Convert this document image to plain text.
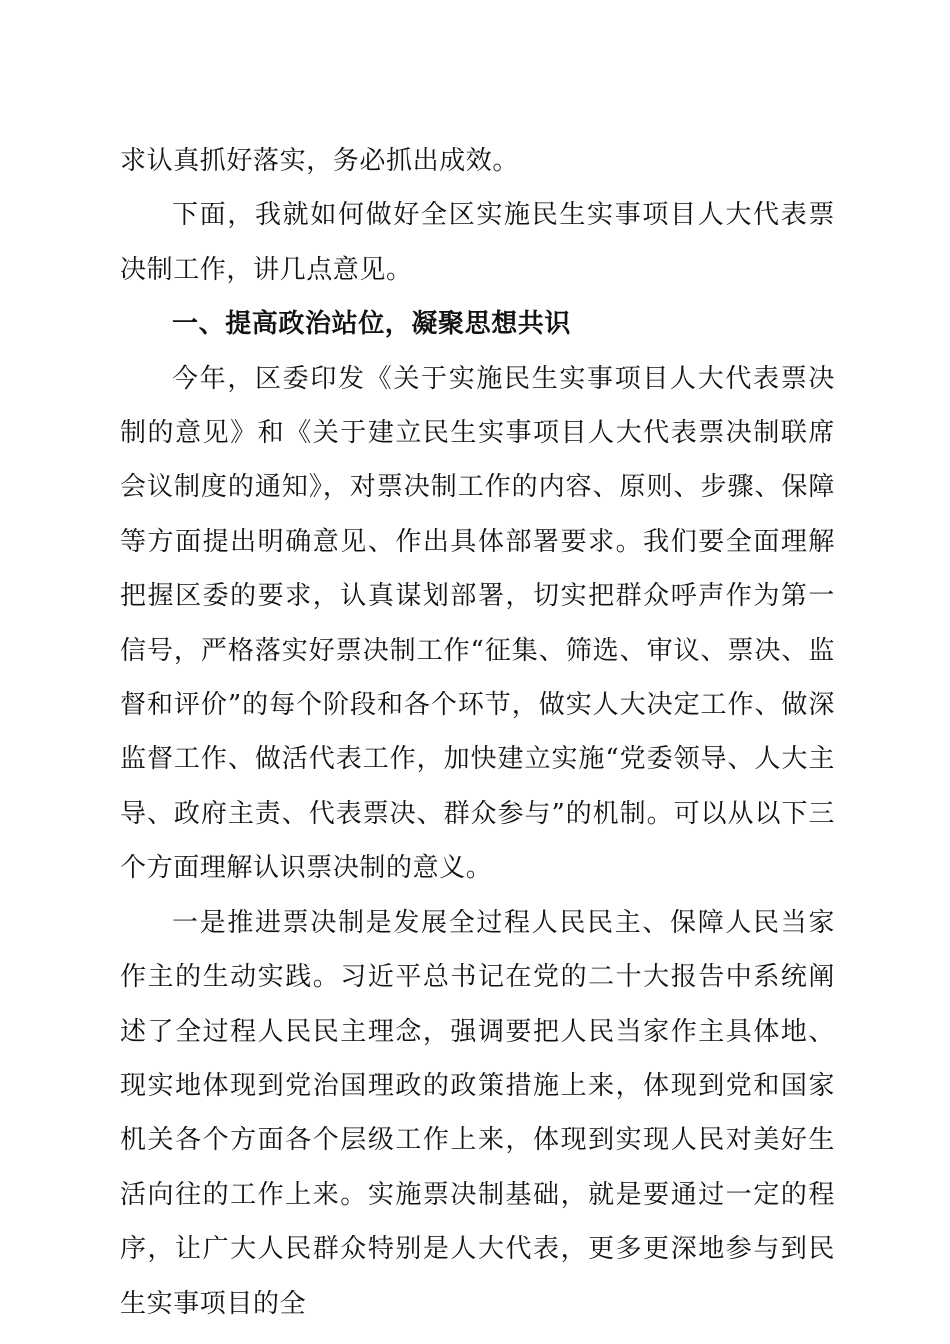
求认真抓好落实，务必抓出成效。

下面，我就如何做好全区实施民生实事项目人大代表票决制工作，讲几点意见。

一、提高政治站位，凝聚思想共识

今年，区委印发《关于实施民生实事项目人大代表票决制的意见》和《关于建立民生实事项目人大代表票决制联席会议制度的通知》，对票决制工作的内容、原则、步骤、保障等方面提出明确意见、作出具体部署要求。我们要全面理解把握区委的要求，认真谋划部署，切实把群众呼声作为第一信号，严格落实好票决制工作“征集、筛选、审议、票决、监督和评价”的每个阶段和各个环节，做实人大决定工作、做深监督工作、做活代表工作，加快建立实施“党委领导、人大主导、政府主责、代表票决、群众参与”的机制。可以从以下三个方面理解认识票决制的意义。

一是推进票决制是发展全过程人民民主、保障人民当家作主的生动实践。习近平总书记在党的二十大报告中系统阐述了全过程人民民主理念，强调要把人民当家作主具体地、现实地体现到党治国理政的政策措施上来，体现到党和国家机关各个方面各个层级工作上来，体现到实现人民对美好生活向往的工作上来。实施票决制基础，就是要通过一定的程序，让广大人民群众特别是人大代表，更多更深地参与到民生实事项目的全
